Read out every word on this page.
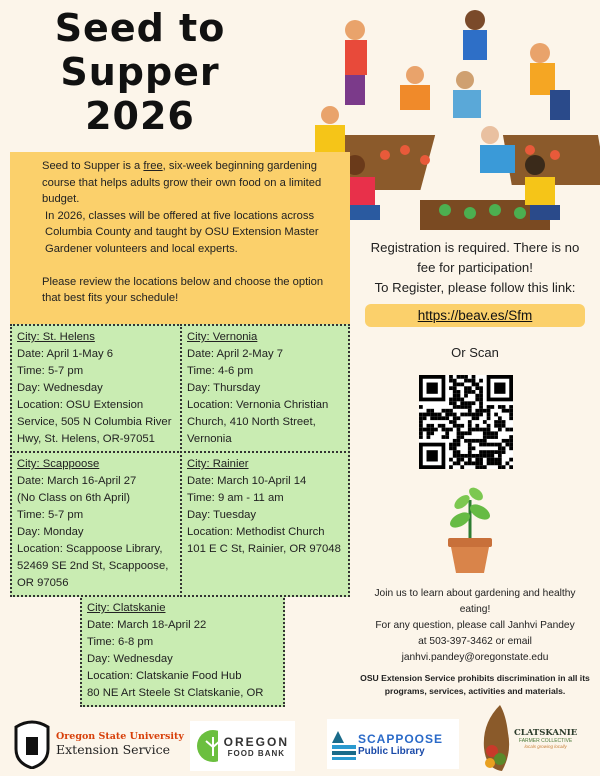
Seed to
Supper
2026

Seed to Supper is a free, six-week beginning gardening course that helps adults grow their own food on a limited budget.

In 2026, classes will be offered at five locations across Columbia County and taught by OSU Extension Master Gardener volunteers and local experts.

Please review the locations below and choose the option that best fits your schedule!

City: St. Helens
Date: April 1-May 6
Time: 5-7 pm
Day: Wednesday
Location: OSU Extension Service, 505 N Columbia River Hwy, St. Helens, OR-97051
City: Vernonia
Date: April 2-May 7
Time: 4-6 pm
Day: Thursday
Location: Vernonia Christian Church, 410 North Street, Vernonia
City: Scappoose
Date: March 16-April 27
(No Class on 6th April)
Time: 5-7 pm
Day: Monday
Location: Scappoose Library, 52469 SE 2nd St, Scappoose, OR 97056
City: Rainier
Date: March 10-April 14
Time: 9 am - 11 am
Day: Tuesday
Location: Methodist Church 101 E C St, Rainier, OR 97048
City: Clatskanie
Date: March 18-April 22
Time: 6-8 pm
Day: Wednesday
Location: Clatskanie Food Hub
80 NE Art Steele St Clatskanie, OR
Registration is required. There is no fee for participation!
To Register, please follow this link:
https://beav.es/Sfm
Or Scan
Join us to learn about gardening and healthy eating!
For any question, please call Janhvi Pandey at 503-397-3462 or email
janhvi.pandey@oregonstate.edu
OSU Extension Service prohibits discrimination in all its programs, services, activities and materials.
Oregon State University
Extension Service
OREGON
FOOD BANK
SCAPPOOSE
Public Library
CLATSKANIE
FARMER COLLECTIVE
locals growing locally
